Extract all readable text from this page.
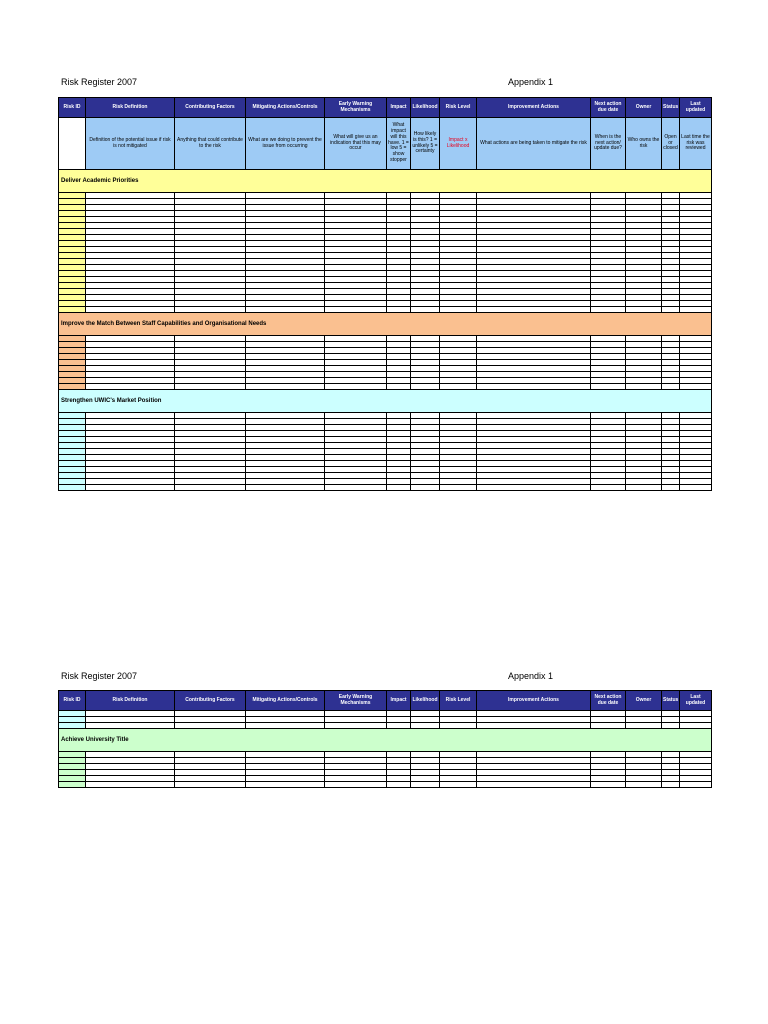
Risk Register 2007	Appendix 1
Risk ID	Risk Definition	Contributing Factors	Mitigating Actions/Controls	Early Warning Mechanisms	Impact	Likelihood	Risk Level	Improvement Actions	Next action due date	Owner	Status	Last updated
	Definition of the potential issue if risk is not mitigated	Anything that could contribute to the risk	What are we doing to prevent the issue from occurring	What will give us an indication that this may occur	What impact will this have. 1 = low 5 = show stopper	How likely is this? 1 = unlikely 5 = certainty	Impact x Likelihood	What actions are being taken to mitigate the risk	When is the next action/ update due?	Who owns the risk	Open or closed	Last time the risk was reviewed
Deliver Academic Priorities												

Improve the Match Between Staff Capabilities and Organisational Needs												

Strengthen UWIC's Market Position												

Risk Register 2007	Appendix 1
Risk ID	Risk Definition	Contributing Factors	Mitigating Actions/Controls	Early Warning Mechanisms	Impact	Likelihood	Risk Level	Improvement Actions	Next action due date	Owner	Status	Last updated

Achieve University Title												
